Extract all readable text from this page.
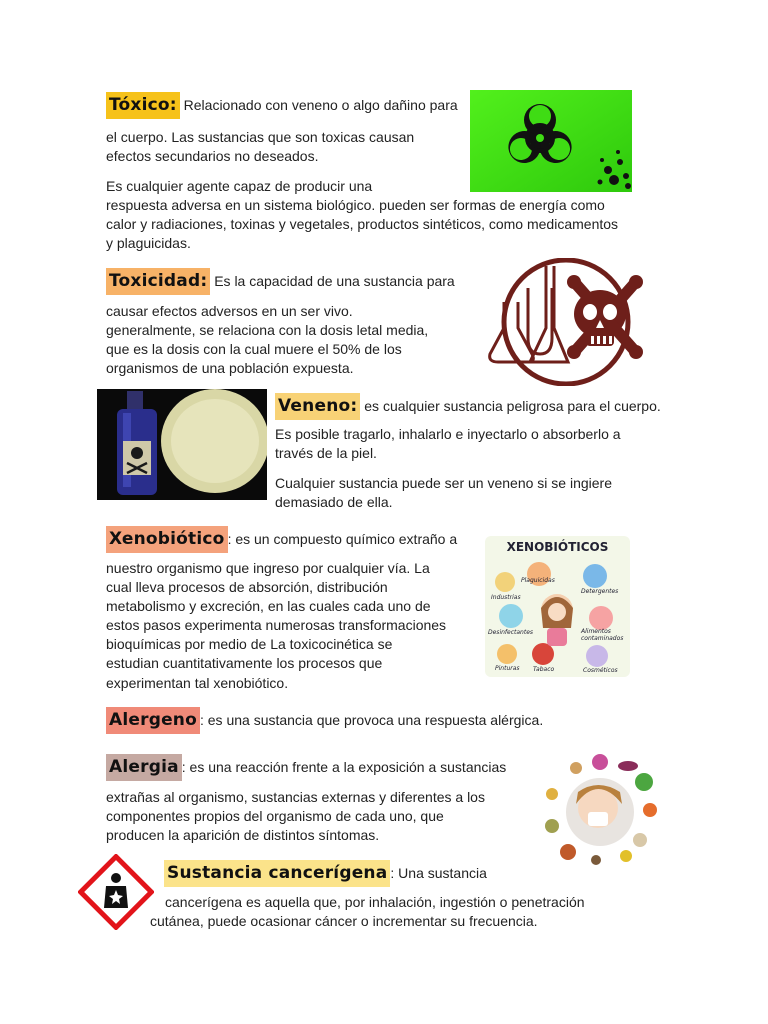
Tóxico: Relacionado con veneno o algo dañino para
el cuerpo. Las sustancias que son toxicas causan
efectos secundarios no deseados.
Es cualquier agente capaz de producir una
respuesta adversa en un sistema biológico. pueden ser formas de energía como
calor y radiaciones, toxinas y vegetales, productos sintéticos, como medicamentos
y plaguicidas.
Toxicidad: Es la capacidad de una sustancia para
causar efectos adversos en un ser vivo.
generalmente, se relaciona con la dosis letal media,
que es la dosis con la cual muere el 50% de los
organismos de una población expuesta.
Veneno: es cualquier sustancia peligrosa para el cuerpo.
Es posible tragarlo, inhalarlo e inyectarlo o absorberlo a
través de la piel.
Cualquier sustancia puede ser un veneno si se ingiere
demasiado de ella.
Xenobiótico : es un compuesto químico extraño a
nuestro organismo que ingreso por cualquier vía. La
cual lleva procesos de absorción, distribución
metabolismo y excreción, en las cuales cada uno de
estos pasos experimenta numerosas transformaciones
bioquímicas por medio de La toxicocinética se
estudian cuantitativamente los procesos que
experimentan tal xenobiótico.
XENOBIÓTICOS
Plaguicidas
Industrias
Detergentes
Desinfectantes	Alimentos contaminados
Pinturas Tabaco	Cosméticos
Alergeno : es una sustancia que provoca una respuesta alérgica.
Alergia : es una reacción frente a la exposición a sustancias
extrañas al organismo, sustancias externas y diferentes a los
componentes propios del organismo de cada uno, que
producen la aparición de distintos síntomas.
Sustancia cancerígena : Una sustancia
cancerígena es aquella que, por inhalación, ingestión o penetración
cutánea, puede ocasionar cáncer o incrementar su frecuencia.
